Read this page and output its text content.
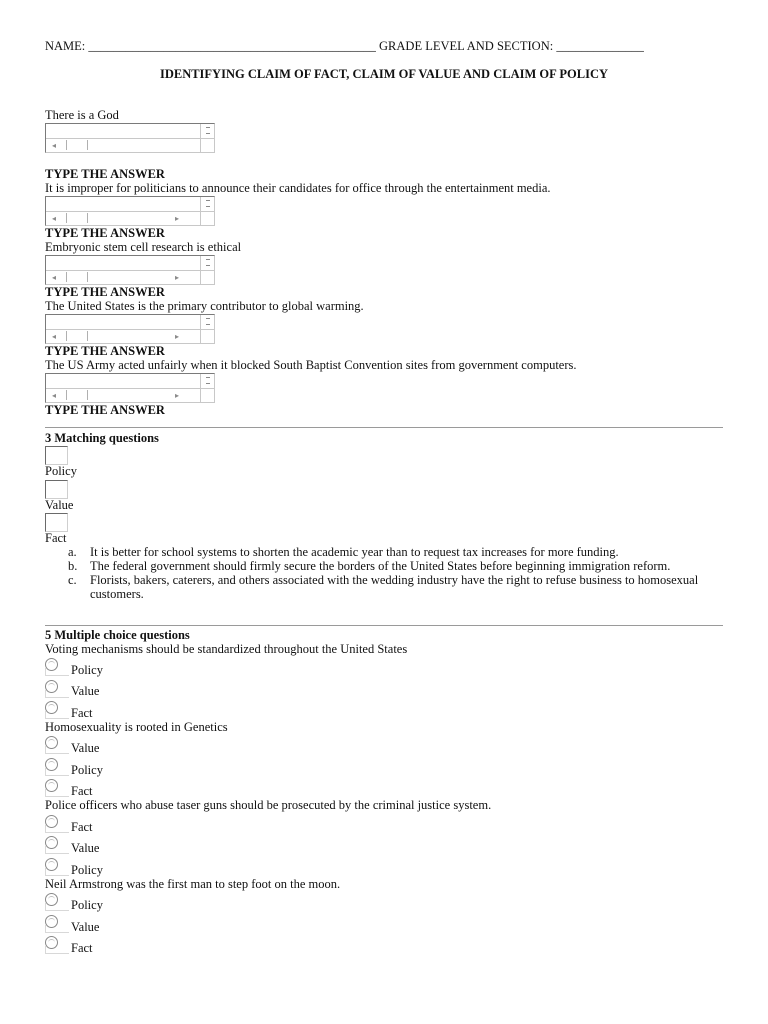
NAME: ______________________________________________ GRADE LEVEL AND SECTION: ______________
IDENTIFYING CLAIM OF FACT, CLAIM OF VALUE AND CLAIM OF POLICY
There is a God
◂
TYPE THE ANSWER
It is improper for politicians to announce their candidates for office through the entertainment media.
◂	▸
TYPE THE ANSWER
Embryonic stem cell research is ethical
◂	▸
TYPE THE ANSWER
The United States is the primary contributor to global warming.
◂	▸
TYPE THE ANSWER
The US Army acted unfairly when it blocked South Baptist Convention sites from government computers.
◂	▸
TYPE THE ANSWER
3 Matching questions
Policy
Value
Fact
a. It is better for school systems to shorten the academic year than to request tax increases for more funding.
b. The federal government should firmly secure the borders of the United States before beginning immigration reform.
c. Florists, bakers, caterers, and others associated with the wedding industry have the right to refuse business to homosexual customers.
5 Multiple choice questions
Voting mechanisms should be standardized throughout the United States
Policy
Value
Fact
Homosexuality is rooted in Genetics
Value
Policy
Fact
Police officers who abuse taser guns should be prosecuted by the criminal justice system.
Fact
Value
Policy
Neil Armstrong was the first man to step foot on the moon.
Policy
Value
Fact
